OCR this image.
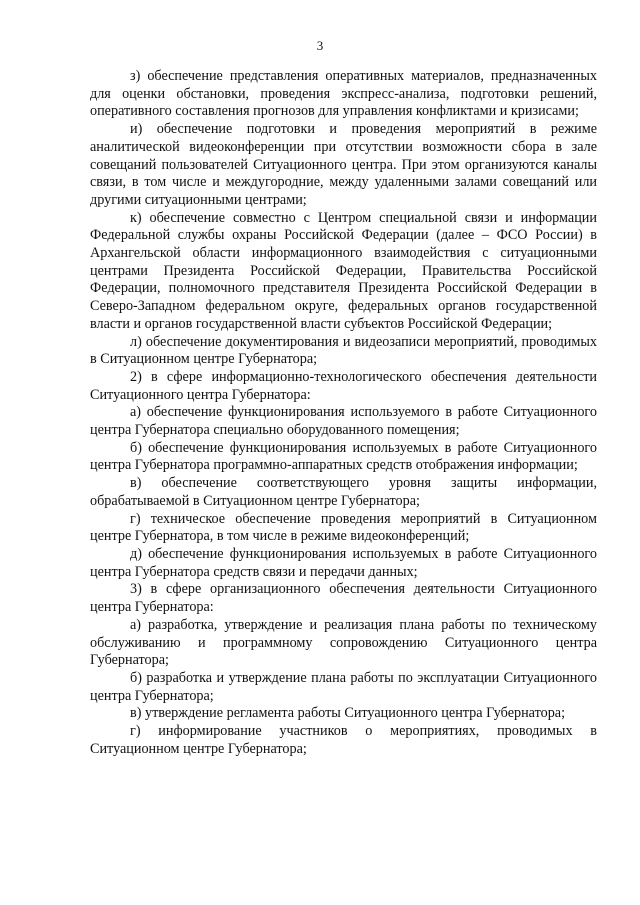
3

з) обеспечение представления оперативных материалов, предназначенных для оценки обстановки, проведения экспресс-анализа, подготовки решений, оперативного составления прогнозов для управления конфликтами и кризисами;

и) обеспечение подготовки и проведения мероприятий в режиме аналитической видеоконференции при отсутствии возможности сбора в зале совещаний пользователей Ситуационного центра. При этом организуются каналы связи, в том числе и междугородние, между удаленными залами совещаний или другими ситуационными центрами;

к) обеспечение совместно с Центром специальной связи и информации Федеральной службы охраны Российской Федерации (далее – ФСО России) в Архангельской области информационного взаимодействия с ситуационными центрами Президента Российской Федерации, Правительства Российской Федерации, полномочного представителя Президента Российской Федерации в Северо-Западном федеральном округе, федеральных органов государственной власти и органов государственной власти субъектов Российской Федерации;

л) обеспечение документирования и видеозаписи мероприятий, проводимых в Ситуационном центре Губернатора;

2) в сфере информационно-технологического обеспечения деятельности Ситуационного центра Губернатора:

а) обеспечение функционирования используемого в работе Ситуационного центра Губернатора специально оборудованного помещения;

б) обеспечение функционирования используемых в работе Ситуационного центра Губернатора программно-аппаратных средств отображения информации;

в) обеспечение соответствующего уровня защиты информации, обрабатываемой в Ситуационном центре Губернатора;

г) техническое обеспечение проведения мероприятий в Ситуационном центре Губернатора, в том числе в режиме видеоконференций;

д) обеспечение функционирования используемых в работе Ситуационного центра Губернатора средств связи и передачи данных;

3) в сфере организационного обеспечения деятельности Ситуационного центра Губернатора:

а) разработка, утверждение и реализация плана работы по техническому обслуживанию и программному сопровождению Ситуационного центра Губернатора;

б) разработка и утверждение плана работы по эксплуатации Ситуационного центра Губернатора;

в) утверждение регламента работы Ситуационного центра Губернатора;

г) информирование участников о мероприятиях, проводимых в Ситуационном центре Губернатора;
